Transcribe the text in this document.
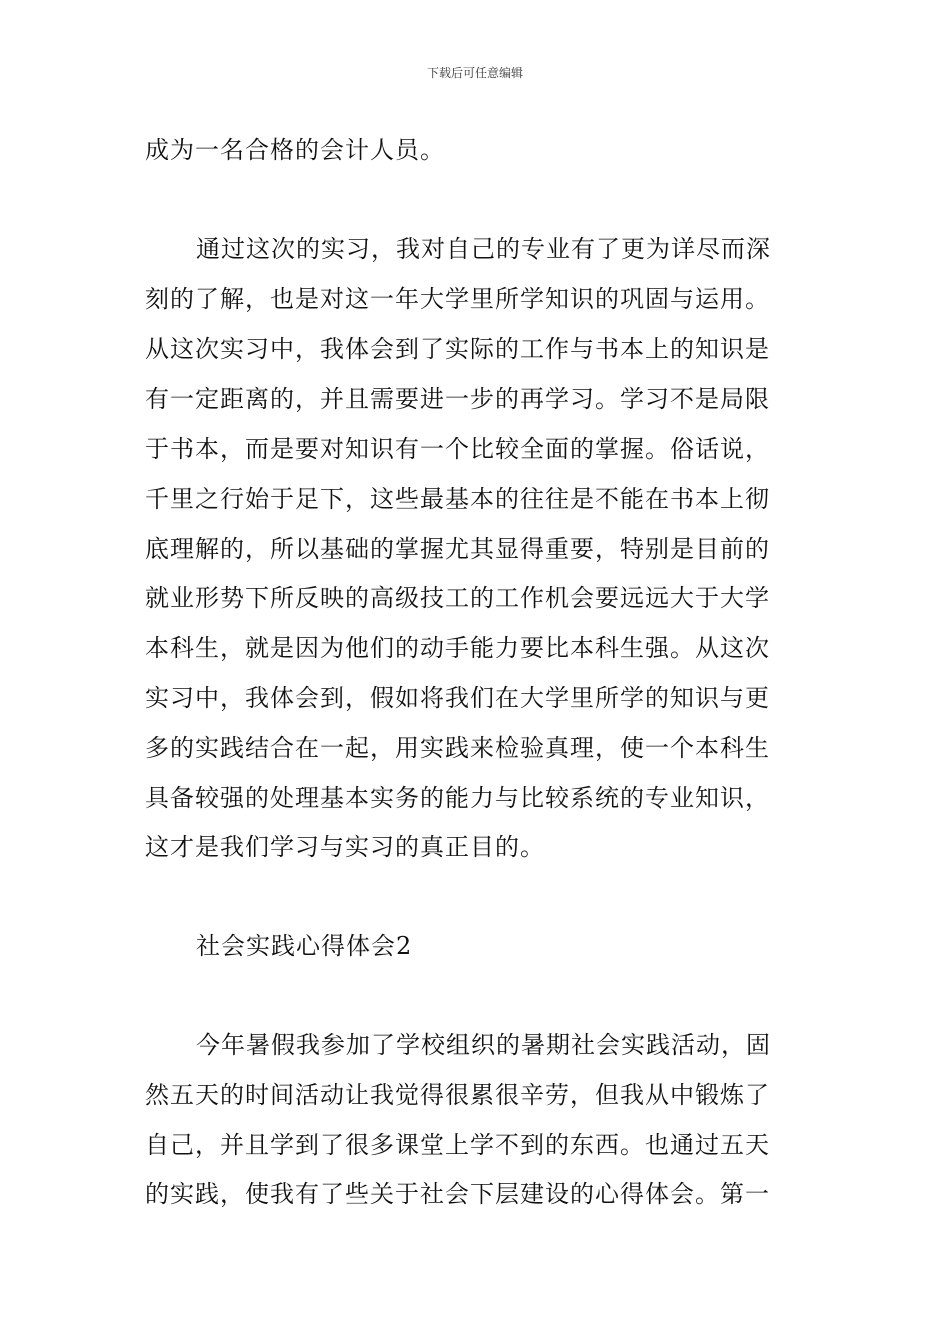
下载后可任意编辑
成为一名合格的会计人员。
通过这次的实习，我对自己的专业有了更为详尽而深
刻的了解，也是对这一年大学里所学知识的巩固与运用。
从这次实习中，我体会到了实际的工作与书本上的知识是
有一定距离的，并且需要进一步的再学习。学习不是局限
于书本，而是要对知识有一个比较全面的掌握。俗话说，
千里之行始于足下，这些最基本的往往是不能在书本上彻
底理解的，所以基础的掌握尤其显得重要，特别是目前的
就业形势下所反映的高级技工的工作机会要远远大于大学
本科生，就是因为他们的动手能力要比本科生强。从这次
实习中，我体会到，假如将我们在大学里所学的知识与更
多的实践结合在一起，用实践来检验真理，使一个本科生
具备较强的处理基本实务的能力与比较系统的专业知识，
这才是我们学习与实习的真正目的。
社会实践心得体会2
今年暑假我参加了学校组织的暑期社会实践活动，固
然五天的时间活动让我觉得很累很辛劳，但我从中锻炼了
自己，并且学到了很多课堂上学不到的东西。也通过五天
的实践，使我有了些关于社会下层建设的心得体会。第一
